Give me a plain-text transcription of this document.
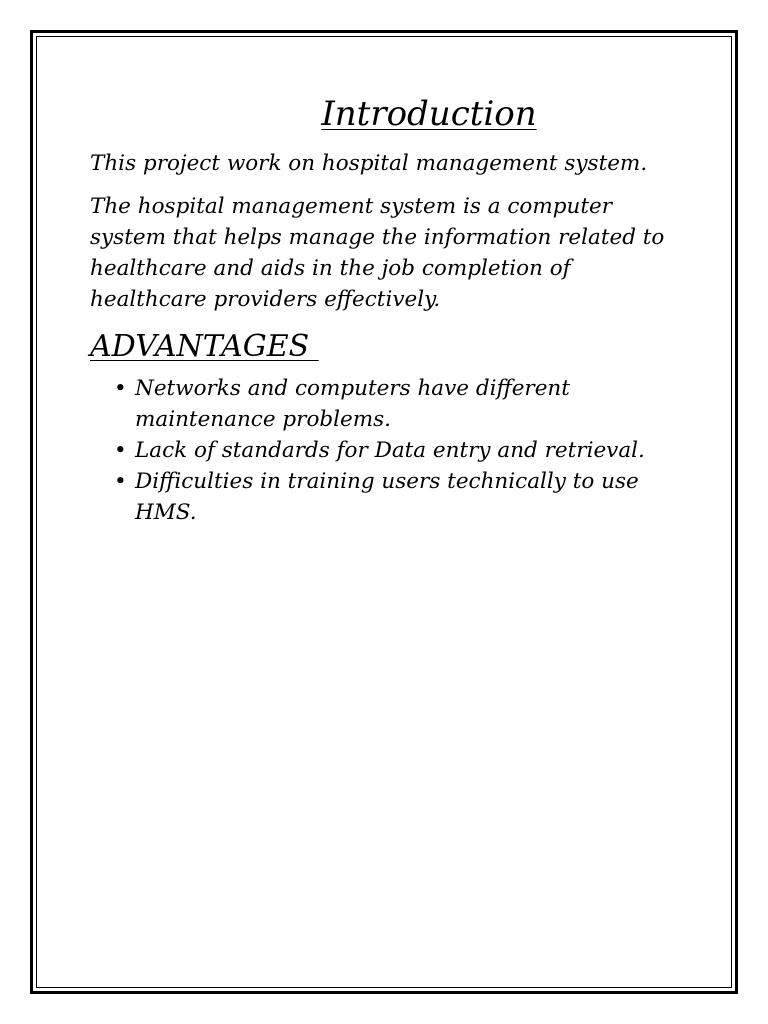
Introduction

This project work on hospital management system.

The hospital management system is a computer system that helps manage the information related to healthcare and aids in the job completion of healthcare providers effectively.

ADVANTAGES
• Networks and computers have different maintenance problems.
• Lack of standards for Data entry and retrieval.
• Difficulties in training users technically to use HMS.
